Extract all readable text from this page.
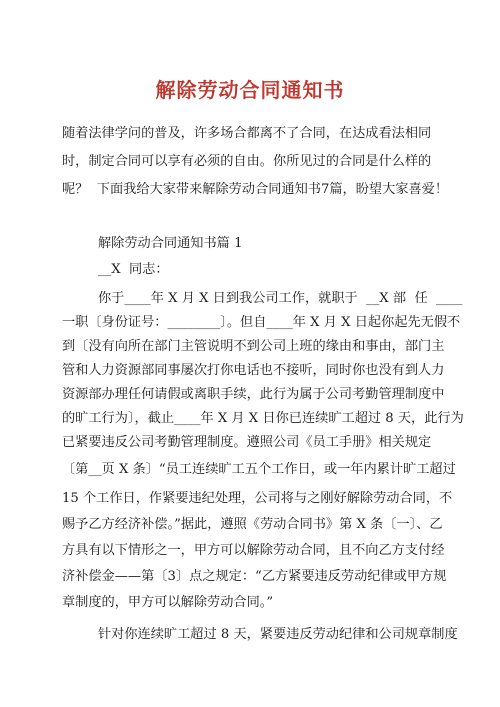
解除劳动合同通知书
随着法律学问的普及，许多场合都离不了合同，在达成看法相同
时，制定合同可以享有必须的自由。你所见过的合同是什么样的
呢？  下面我给大家带来解除劳动合同通知书7篇，盼望大家喜爱！
解除劳动合同通知书篇 1
__X  同志：
你于____年 X 月 X 日到我公司工作，就职于  __X 部  任  ____
一职〔身份证号：________〕。但自____年 X 月 X 日起你起先无假不
到〔没有向所在部门主管说明不到公司上班的缘由和事由，部门主
管和人力资源部同事屡次打你电话也不接听，同时你也没有到人力
资源部办理任何请假或离职手续，此行为属于公司考勤管理制度中
的旷工行为〕，截止____年 X 月 X 日你已连续旷工超过 8 天，此行为
已紧要违反公司考勤管理制度。遵照公司《员工手册》相关规定
〔第__页 X 条〕“员工连续旷工五个工作日，或一年内累计旷工超过
15 个工作日，作紧要违纪处理，公司将与之刚好解除劳动合同，不
赐予乙方经济补偿。”据此，遵照《劳动合同书》第 X 条〔一〕、乙
方具有以下情形之一，甲方可以解除劳动合同，且不向乙方支付经
济补偿金——第〔3〕点之规定：“乙方紧要违反劳动纪律或甲方规
章制度的，甲方可以解除劳动合同。”
针对你连续旷工超过 8 天，紧要违反劳动纪律和公司规章制度
